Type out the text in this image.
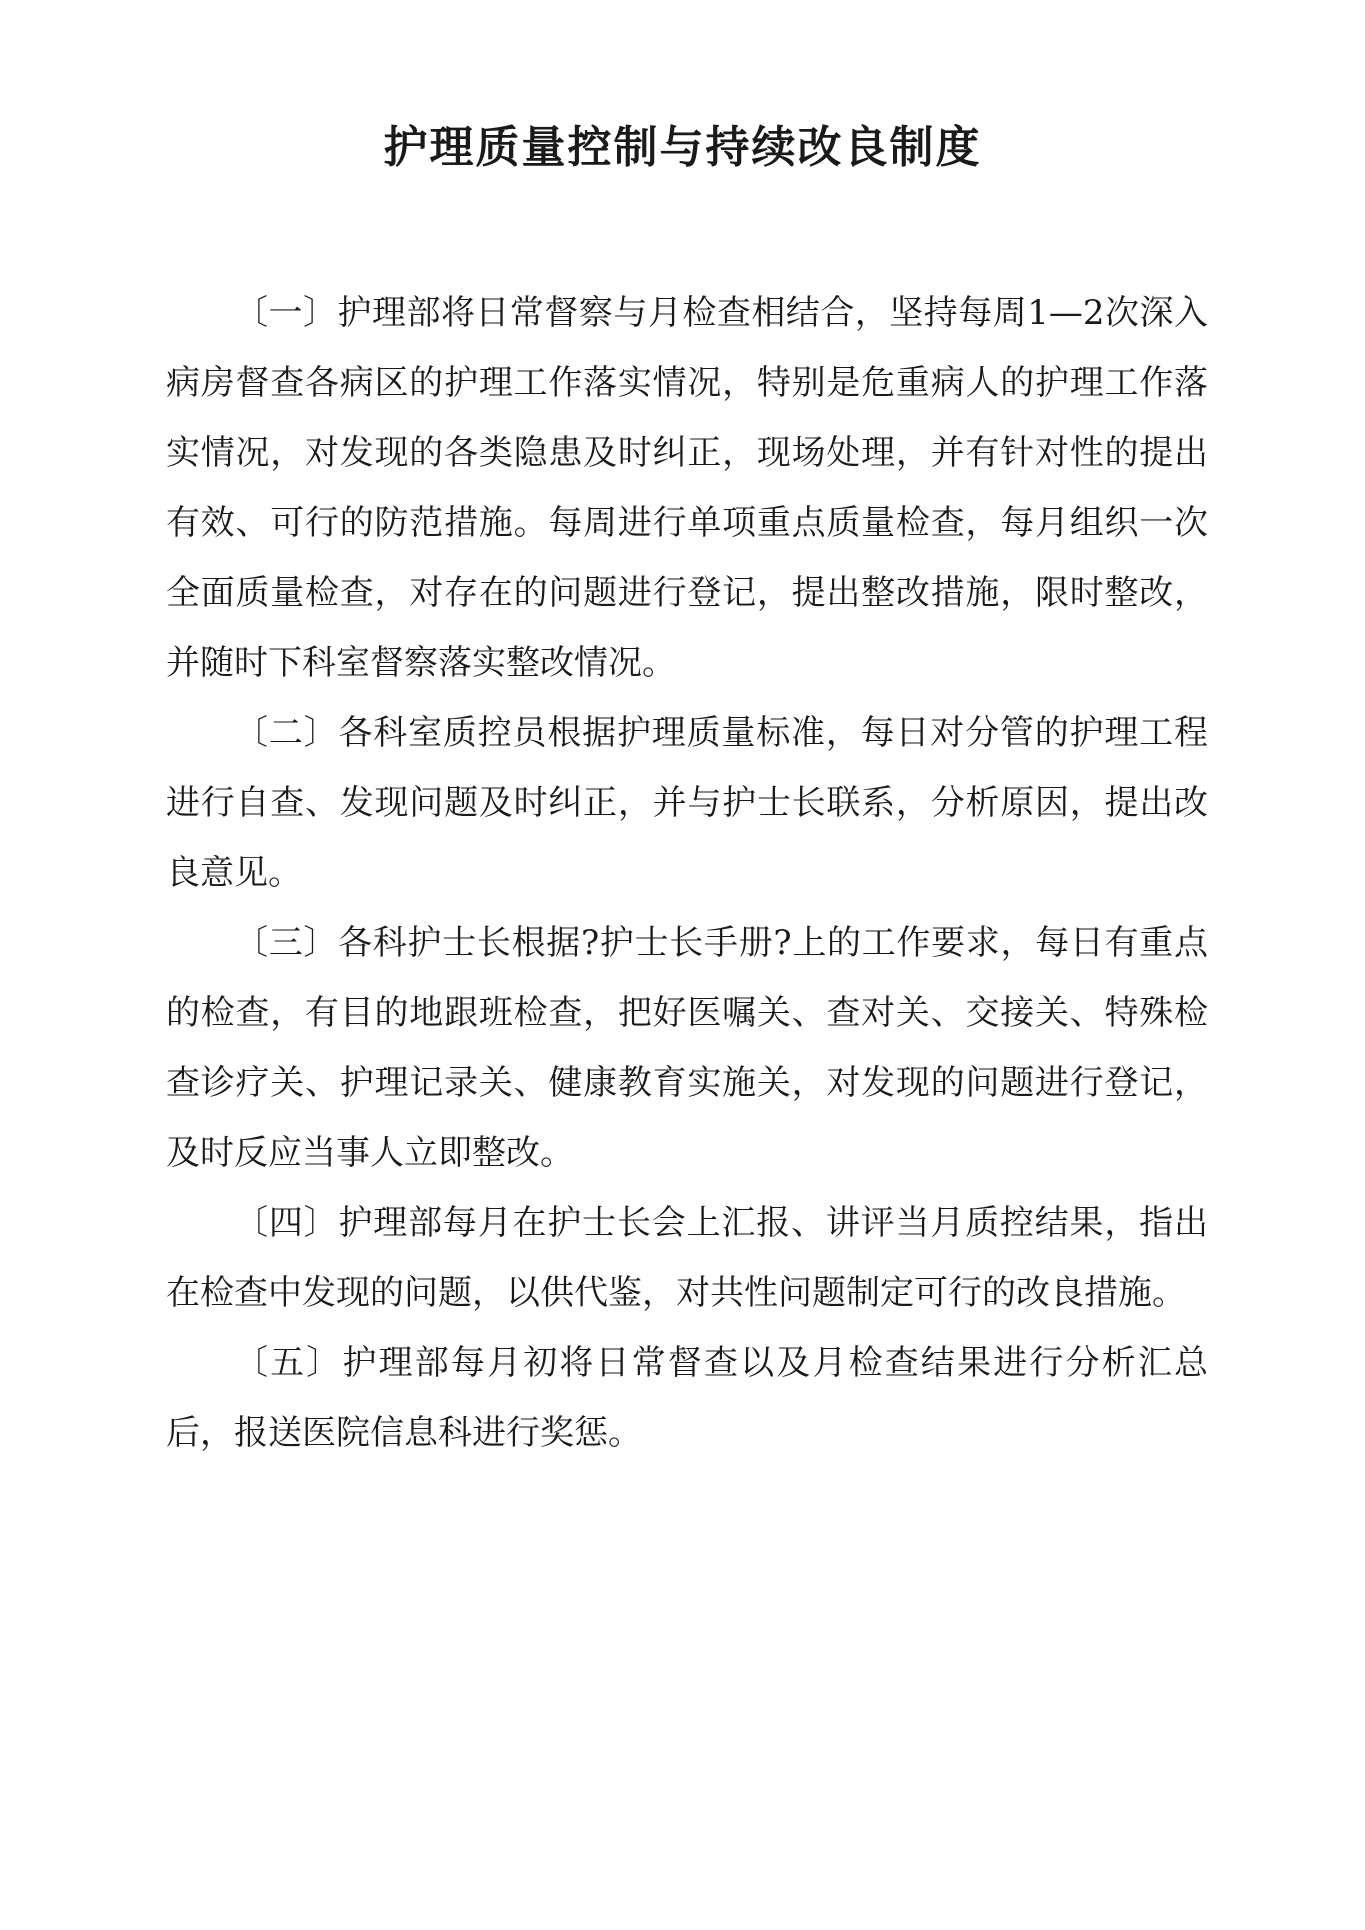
护理质量控制与持续改良制度

〔一〕护理部将日常督察与月检查相结合，坚持每周1—2次深入病房督查各病区的护理工作落实情况，特别是危重病人的护理工作落实情况，对发现的各类隐患及时纠正，现场处理，并有针对性的提出有效、可行的防范措施。每周进行单项重点质量检查，每月组织一次全面质量检查，对存在的问题进行登记，提出整改措施，限时整改，并随时下科室督察落实整改情况。

〔二〕各科室质控员根据护理质量标准，每日对分管的护理工程进行自查、发现问题及时纠正，并与护士长联系，分析原因，提出改良意见。

〔三〕各科护士长根据?护士长手册?上的工作要求，每日有重点的检查，有目的地跟班检查，把好医嘱关、查对关、交接关、特殊检查诊疗关、护理记录关、健康教育实施关，对发现的问题进行登记，及时反应当事人立即整改。

〔四〕护理部每月在护士长会上汇报、讲评当月质控结果，指出在检查中发现的问题，以供代鉴，对共性问题制定可行的改良措施。

〔五〕护理部每月初将日常督查以及月检查结果进行分析汇总后，报送医院信息科进行奖惩。
